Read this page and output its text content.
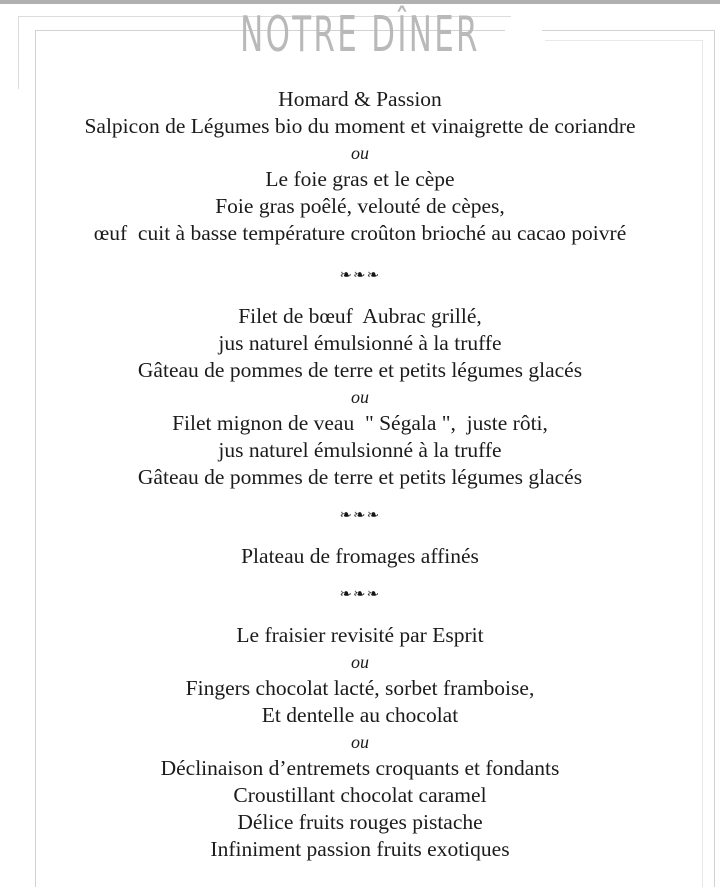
NOTRE DÎNER
Homard & Passion
Salpicon de Légumes bio du moment et vinaigrette de coriandre
ou
Le foie gras et le cèpe
Foie gras poêlé, velouté de cèpes,
œuf  cuit à basse température croûton brioché au cacao poivré
❧❧❧
Filet de bœuf  Aubrac grillé,
jus naturel émulsionné à la truffe
Gâteau de pommes de terre et petits légumes glacés
ou
Filet mignon de veau  " Ségala ",  juste rôti,
jus naturel émulsionné à la truffe
Gâteau de pommes de terre et petits légumes glacés
❧❧❧
Plateau de fromages affinés
❧❧❧
Le fraisier revisité par Esprit
ou
Fingers chocolat lacté, sorbet framboise,
Et dentelle au chocolat
ou
Déclinaison d’entremets croquants et fondants
Croustillant chocolat caramel
Délice fruits rouges pistache
Infiniment passion fruits exotiques
